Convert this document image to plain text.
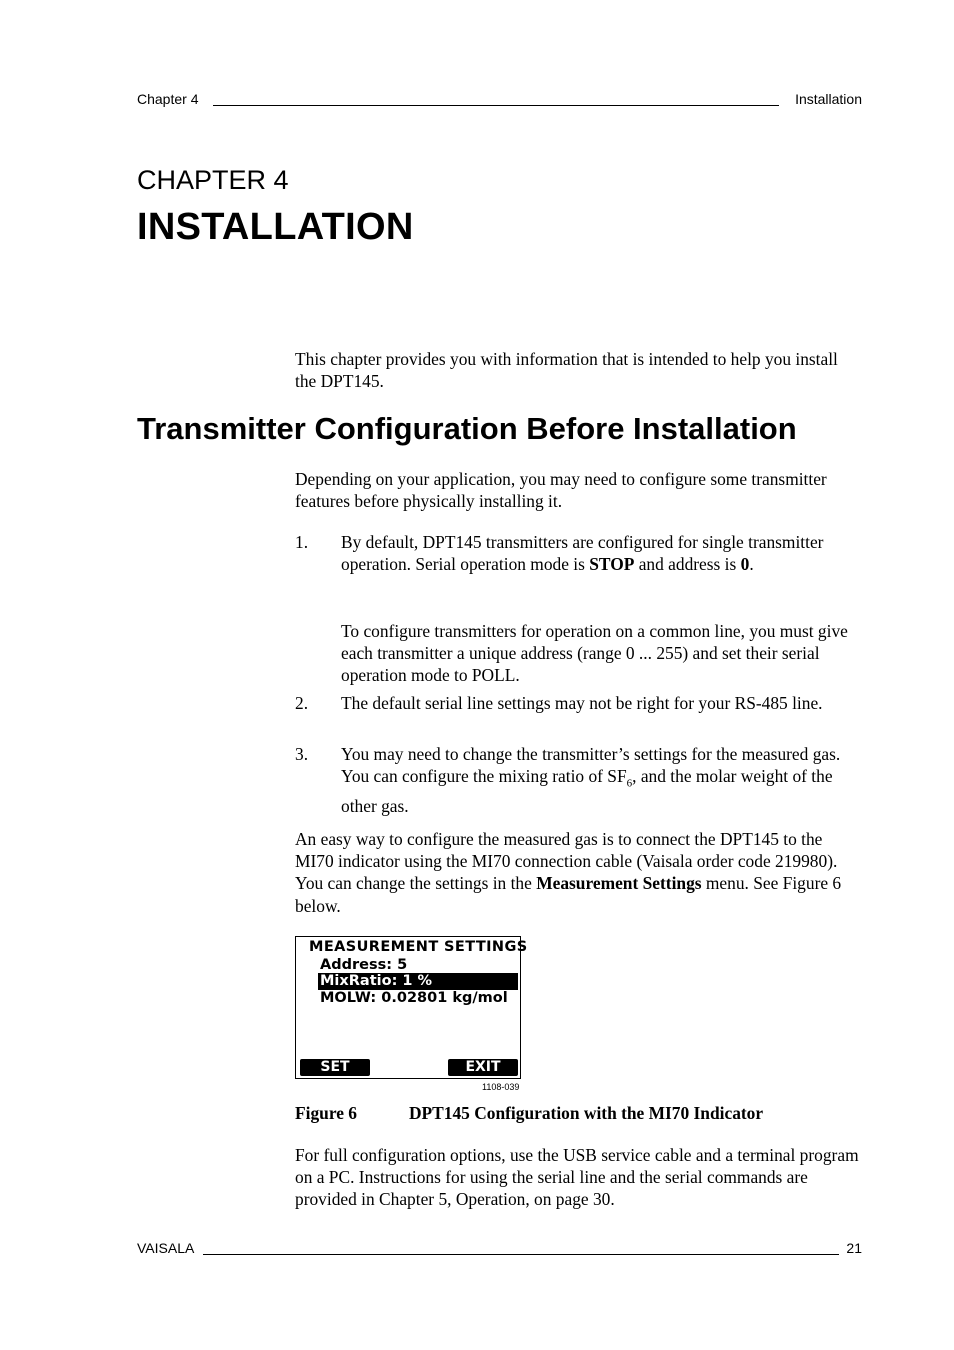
Chapter 4	Installation
CHAPTER 4
INSTALLATION
This chapter provides you with information that is intended to help you install the DPT145.
Transmitter Configuration Before Installation
Depending on your application, you may need to configure some transmitter features before physically installing it.
1. By default, DPT145 transmitters are configured for single transmitter operation. Serial operation mode is STOP and address is 0.
To configure transmitters for operation on a common line, you must give each transmitter a unique address (range 0 ... 255) and set their serial operation mode to POLL.
2. The default serial line settings may not be right for your RS-485 line.
3. You may need to change the transmitter’s settings for the measured gas. You can configure the mixing ratio of $SF_6$, and the molar weight of the other gas.
An easy way to configure the measured gas is to connect the DPT145 to the MI70 indicator using the MI70 connection cable (Vaisala order code 219980). You can change the settings in the Measurement Settings menu. See Figure 6 below.
MEASUREMENT SETTINGS
Address: 5
MixRatio: 1 %
MOLW: 0.02801 kg/mol
SET	EXIT
1108-039
Figure 6	DPT145 Configuration with the MI70 Indicator
For full configuration options, use the USB service cable and a terminal program on a PC. Instructions for using the serial line and the serial commands are provided in Chapter 5, Operation, on page 30.
VAISALA	21
